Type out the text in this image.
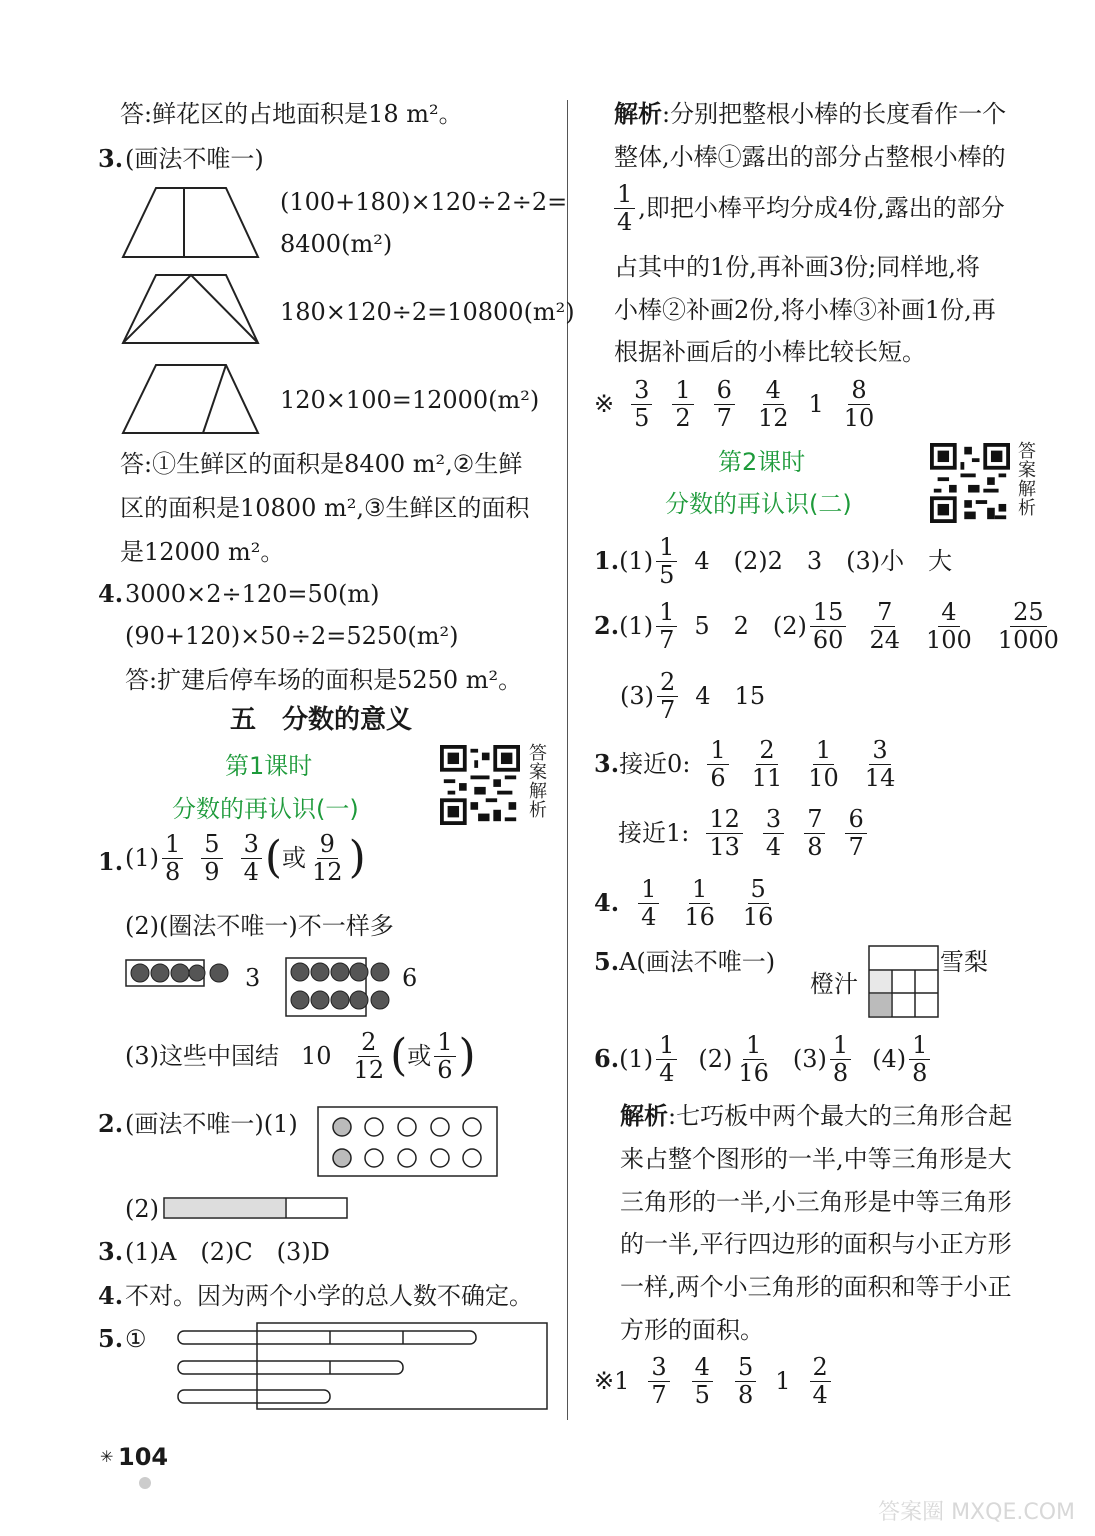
答:鲜花区的占地面积是18 m²。
3. (画法不唯一)
(100+180)×120÷2÷2=
8400(m²)
180×120÷2=10800(m²)
120×100=12000(m²)
答:①生鲜区的面积是8400 m²,②生鲜
区的面积是10800 m²,③生鲜区的面积
是12000 m²。
4. 3000×2÷120=50(m)
(90+120)×50÷2=5250(m²)
答:扩建后停车场的面积是5250 m²。
五　分数的意义
第1课时
分数的再认识(一)
答案解析
1. $(1) \frac{1}{8} \frac{5}{9} \frac{3}{4}$ ( 或 $\frac{9}{12}$ )
(2)(圈法不唯一)不一样多
3	6
(3)这些中国结 $10 \frac{2}{12}$ ( 或 $\frac{1}{6}$ )
2. (画法不唯一)(1)
(2)
3. (1)A　(2)C　(3)D
4. 不对。因为两个小学的总人数不确定。
5. ①
✳ 104
解析:分别把整根小棒的长度看作一个
整体,小棒①露出的部分占整根小棒的
$\frac{1}{4}$ ,即把小棒平均分成4份,露出的部分
占其中的1份,再补画3份;同样地,将
小棒②补画2份,将小棒③补画1份,再
根据补画后的小棒比较长短。
※ $\frac{3}{5} \frac{1}{2} \frac{6}{7} \frac{4}{12} 1 \frac{8}{10}$
第2课时
分数的再认识(二)
答案解析
1. $(1) \frac{1}{5} 4$　(2)2　3　(3)小　大
2. $(1) \frac{1}{7} 5$　2　$(2) \frac{15}{60} \frac{7}{24} \frac{4}{100} \frac{25}{1000}$
$(3) \frac{2}{7} 4$　15
3.接近0: $\frac{1}{6} \frac{2}{11} \frac{1}{10} \frac{3}{14}$
接近1: $\frac{12}{13} \frac{3}{4} \frac{7}{8} \frac{6}{7}$
4. $\frac{1}{4} \frac{1}{16} \frac{5}{16}$
5.A(画法不唯一)
橙汁
雪梨
6. $(1) \frac{1}{4} (2) \frac{1}{16} (3) \frac{1}{8} (4) \frac{1}{8}$
解析:七巧板中两个最大的三角形合起
来占整个图形的一半,中等三角形是大
三角形的一半,小三角形是中等三角形
的一半,平行四边形的面积与小正方形
一样,两个小三角形的面积和等于小正
方形的面积。
※1 $\frac{3}{7} \frac{4}{5} \frac{5}{8} 1 \frac{2}{4}$
答案圈 MXQE.COM
